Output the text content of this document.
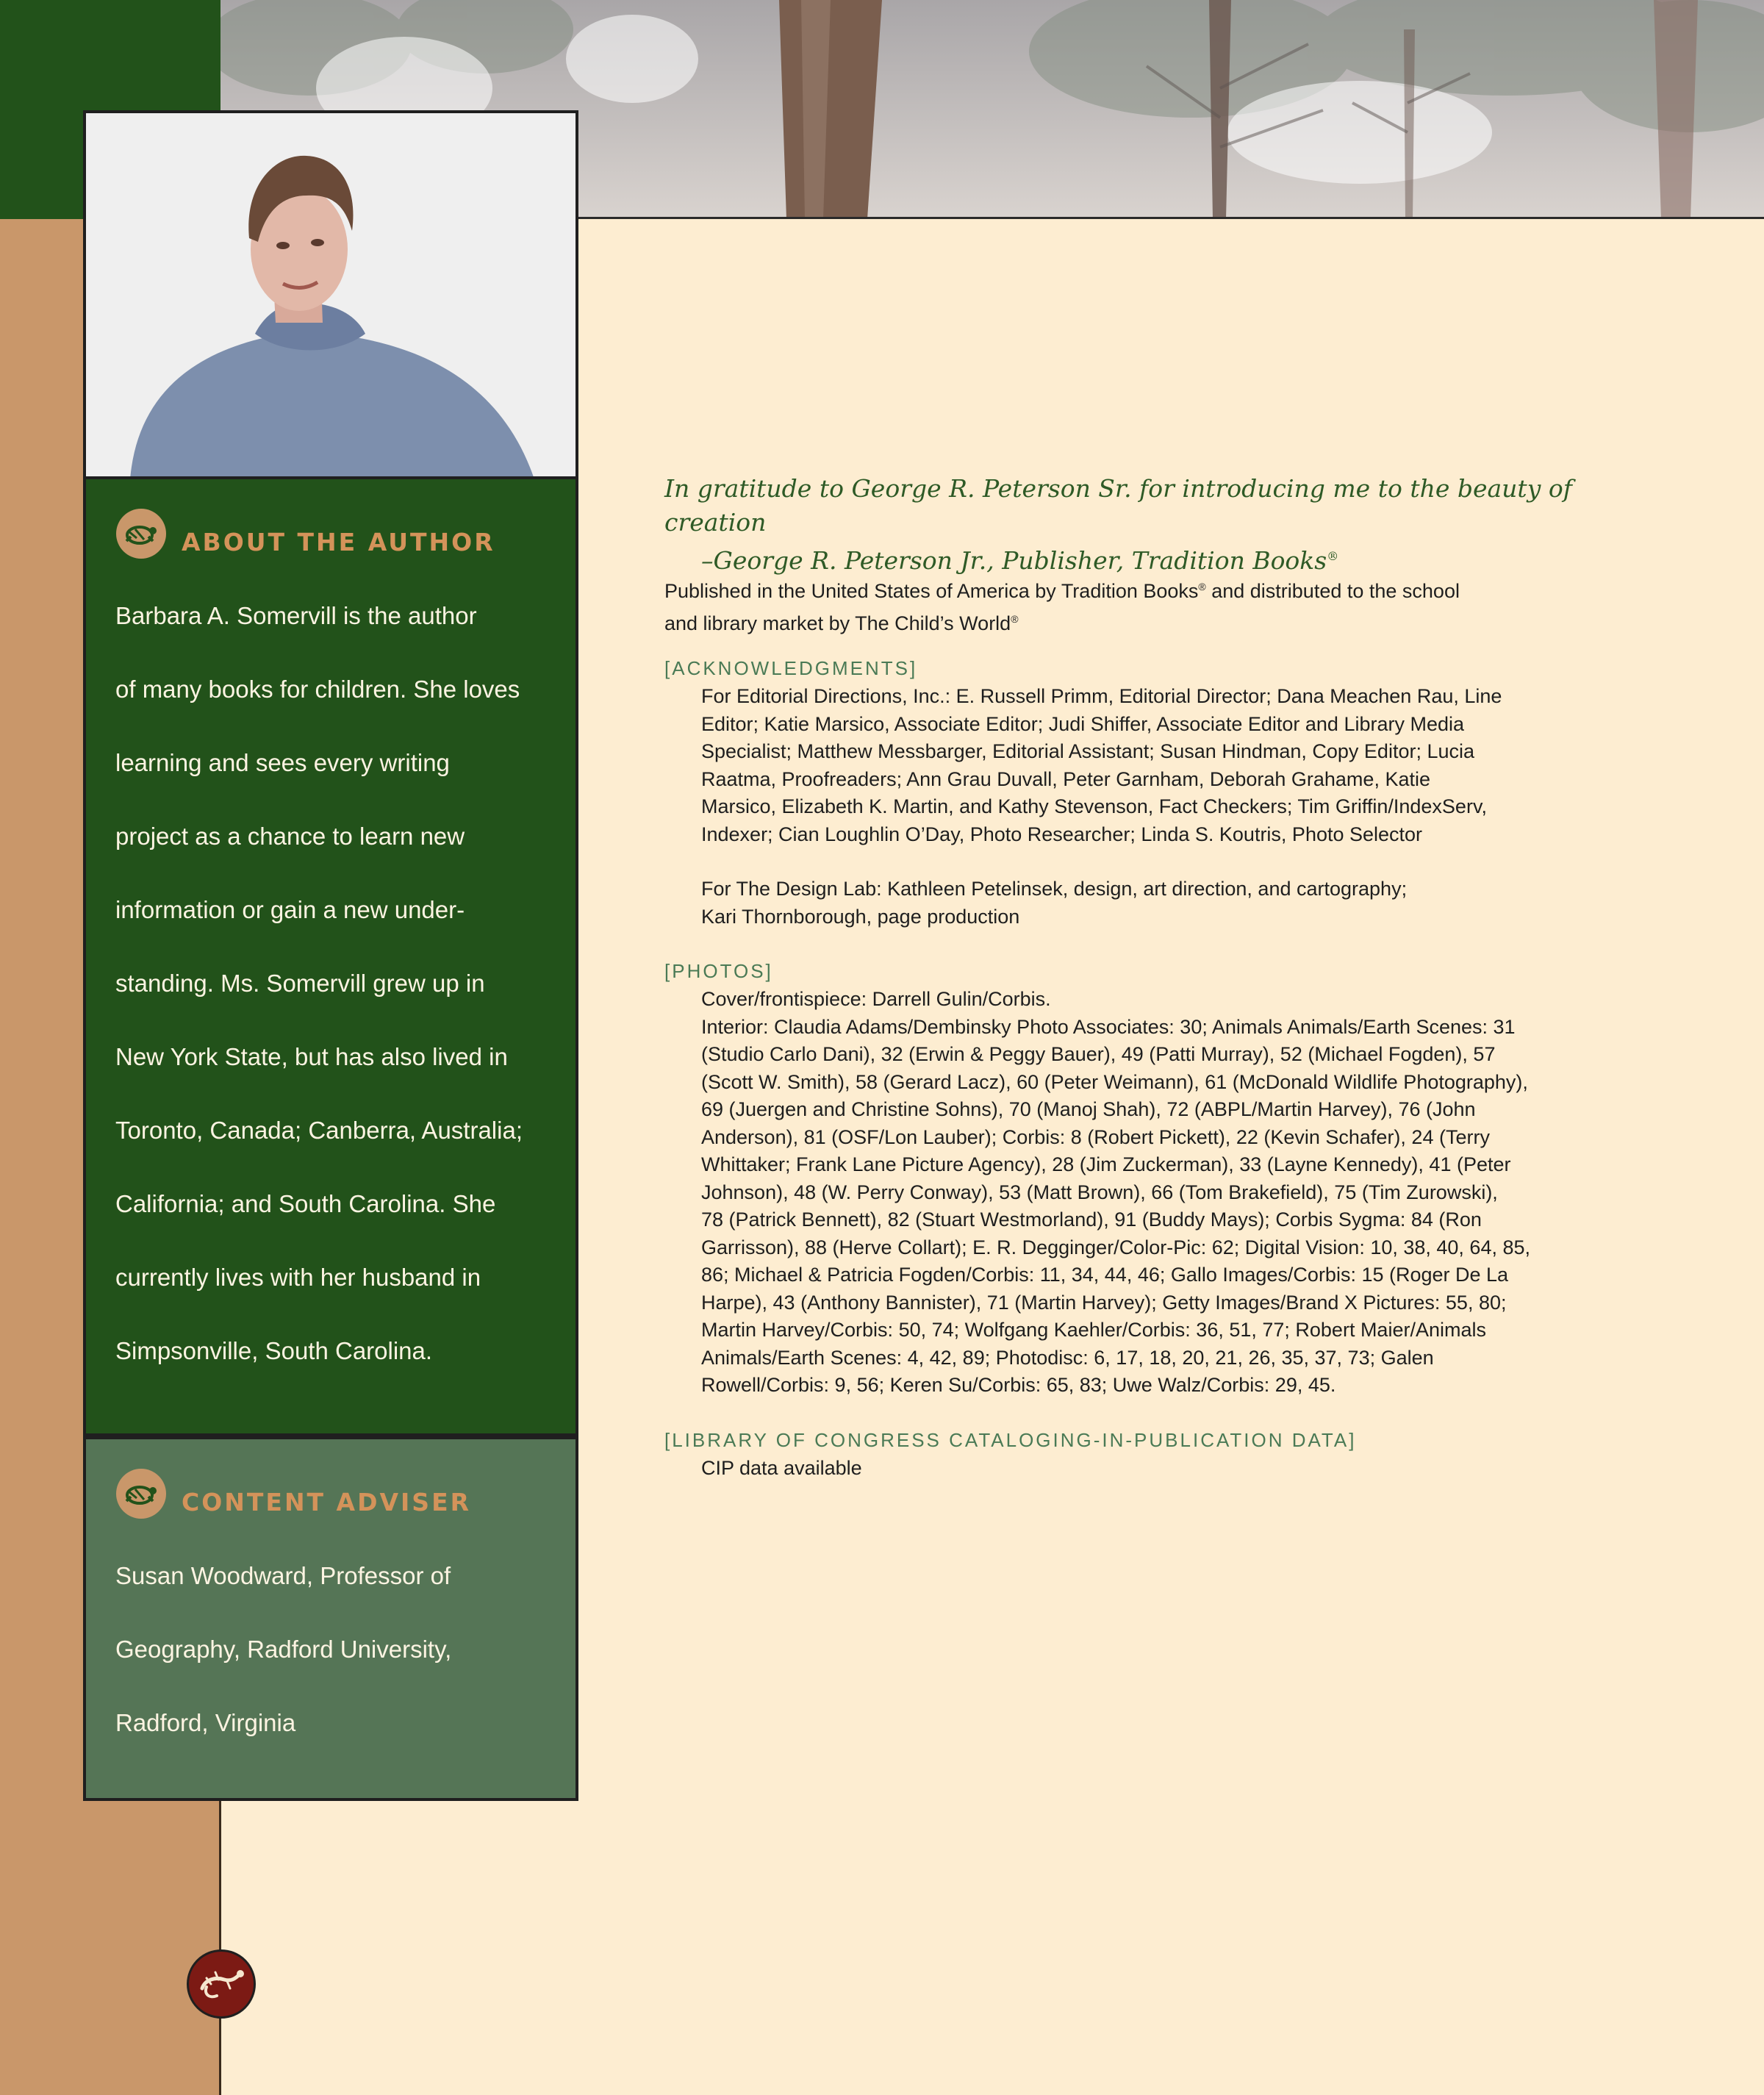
ABOUT THE AUTHOR

Barbara A. Somervill is the author
of many books for children. She loves
learning and sees every writing
project as a chance to learn new
information or gain a new under-
standing. Ms. Somervill grew up in
New York State, but has also lived in
Toronto, Canada; Canberra, Australia;
California; and South Carolina. She
currently lives with her husband in
Simpsonville, South Carolina.

CONTENT ADVISER

Susan Woodward, Professor of
Geography, Radford University,
Radford, Virginia

In gratitude to George R. Peterson Sr. for introducing me to the beauty of creation

–George R. Peterson Jr., Publisher, Tradition Books®

Published in the United States of America by Tradition Books® and distributed to the school
and library market by The Child’s World®

[ACKNOWLEDGMENTS]

For Editorial Directions, Inc.: E. Russell Primm, Editorial Director; Dana Meachen Rau, Line
Editor; Katie Marsico, Associate Editor; Judi Shiffer, Associate Editor and Library Media
Specialist; Matthew Messbarger, Editorial Assistant; Susan Hindman, Copy Editor; Lucia
Raatma, Proofreaders; Ann Grau Duvall, Peter Garnham, Deborah Grahame, Katie
Marsico, Elizabeth K. Martin, and Kathy Stevenson, Fact Checkers; Tim Griffin/IndexServ,
Indexer; Cian Loughlin O’Day, Photo Researcher; Linda S. Koutris, Photo Selector

For The Design Lab: Kathleen Petelinsek, design, art direction, and cartography;
Kari Thornborough, page production

[PHOTOS]

Cover/frontispiece: Darrell Gulin/Corbis.
Interior: Claudia Adams/Dembinsky Photo Associates: 30; Animals Animals/Earth Scenes: 31
(Studio Carlo Dani), 32 (Erwin & Peggy Bauer), 49 (Patti Murray), 52 (Michael Fogden), 57
(Scott W. Smith), 58 (Gerard Lacz), 60 (Peter Weimann), 61 (McDonald Wildlife Photography),
69 (Juergen and Christine Sohns), 70 (Manoj Shah), 72 (ABPL/Martin Harvey), 76 (John
Anderson), 81 (OSF/Lon Lauber); Corbis: 8 (Robert Pickett), 22 (Kevin Schafer), 24 (Terry
Whittaker; Frank Lane Picture Agency), 28 (Jim Zuckerman), 33 (Layne Kennedy), 41 (Peter
Johnson), 48 (W. Perry Conway), 53 (Matt Brown), 66 (Tom Brakefield), 75 (Tim Zurowski),
78 (Patrick Bennett), 82 (Stuart Westmorland), 91 (Buddy Mays); Corbis Sygma: 84 (Ron
Garrisson), 88 (Herve Collart); E. R. Degginger/Color-Pic: 62; Digital Vision: 10, 38, 40, 64, 85,
86; Michael & Patricia Fogden/Corbis: 11, 34, 44, 46; Gallo Images/Corbis: 15 (Roger De La
Harpe), 43 (Anthony Bannister), 71 (Martin Harvey); Getty Images/Brand X Pictures: 55, 80;
Martin Harvey/Corbis: 50, 74; Wolfgang Kaehler/Corbis: 36, 51, 77; Robert Maier/Animals
Animals/Earth Scenes: 4, 42, 89; Photodisc: 6, 17, 18, 20, 21, 26, 35, 37, 73; Galen
Rowell/Corbis: 9, 56; Keren Su/Corbis: 65, 83; Uwe Walz/Corbis: 29, 45.

[LIBRARY OF CONGRESS CATALOGING-IN-PUBLICATION DATA]

CIP data available
